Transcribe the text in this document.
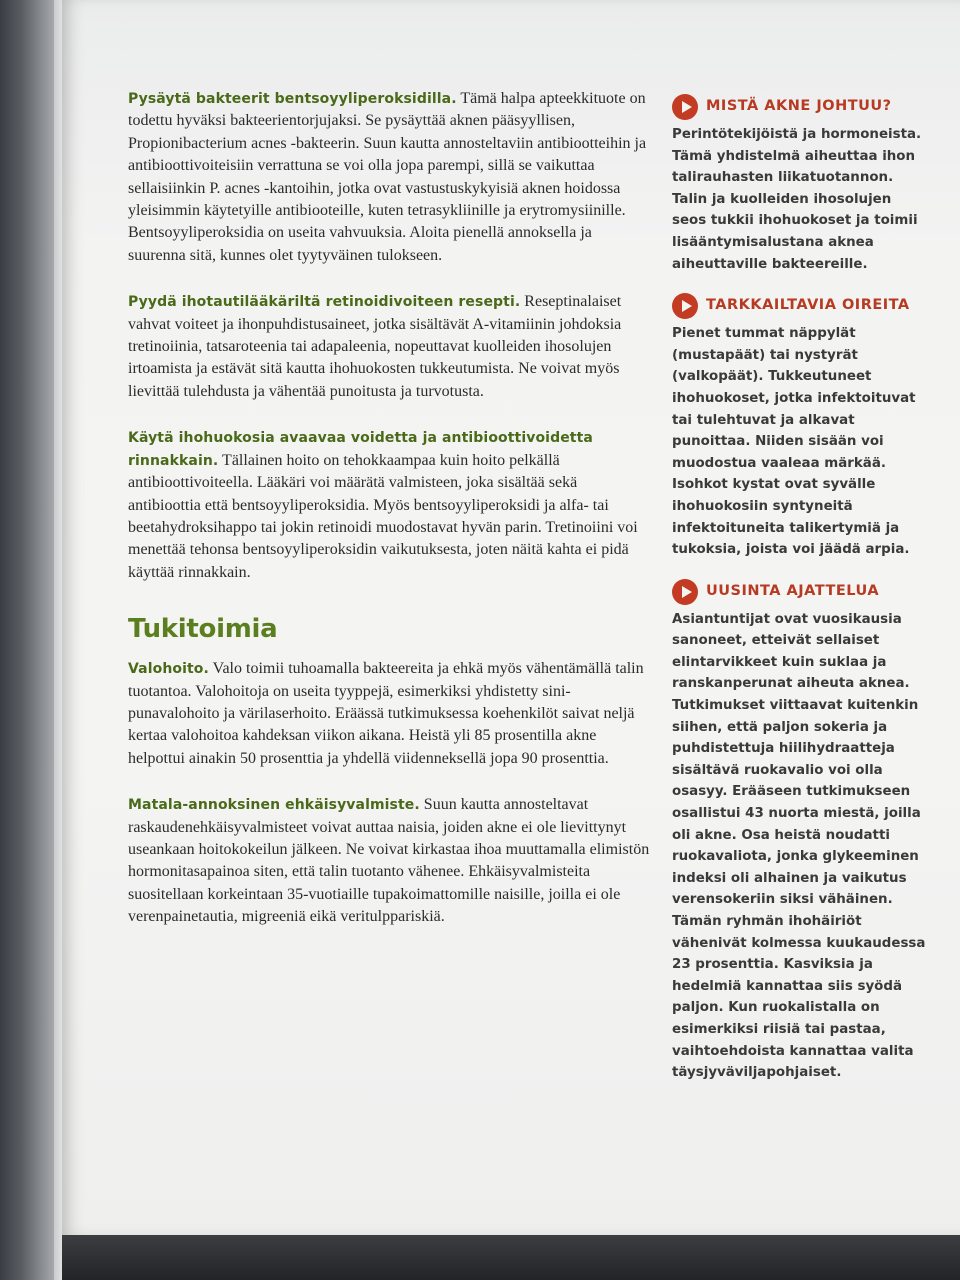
Pysäytä bakteerit bentsoyyliperoksidilla. Tämä halpa apteekkituote on todettu hyväksi bakteerientorjujaksi. Se pysäyttää aknen pääsyyllisen, Propionibacterium acnes -bakteerin. Suun kautta annosteltaviin antibiootteihin ja antibioottivoiteisiin verrattuna se voi olla jopa parempi, sillä se vaikuttaa sellaisiinkin P. acnes -kantoihin, jotka ovat vastustuskykyisiä aknen hoidossa yleisimmin käytetyille antibiooteille, kuten tetrasykliinille ja erytromysiinille. Bentsoyyliperoksidia on useita vahvuuksia. Aloita pienellä annoksella ja suurenna sitä, kunnes olet tyytyväinen tulokseen.

Pyydä ihotautilääkäriltä retinoidivoiteen resepti. Reseptinalaiset vahvat voiteet ja ihonpuhdistusaineet, jotka sisältävät A-vitamiinin johdoksia tretinoiinia, tatsaroteenia tai adapaleenia, nopeuttavat kuolleiden ihosolujen irtoamista ja estävät sitä kautta ihohuokosten tukkeutumista. Ne voivat myös lievittää tulehdusta ja vähentää punoitusta ja turvotusta.

Käytä ihohuokosia avaavaa voidetta ja antibioottivoidetta rinnakkain. Tällainen hoito on tehokkaampaa kuin hoito pelkällä antibioottivoiteella. Lääkäri voi määrätä valmisteen, joka sisältää sekä antibioottia että bentsoyyliperoksidia. Myös bentsoyyliperoksidi ja alfa- tai beetahydroksihappo tai jokin retinoidi muodostavat hyvän parin. Tretinoiini voi menettää tehonsa bentsoyyliperoksidin vaikutuksesta, joten näitä kahta ei pidä käyttää rinnakkain.

Tukitoimia

Valohoito. Valo toimii tuhoamalla bakteereita ja ehkä myös vähentämällä talin tuotantoa. Valohoitoja on useita tyyppejä, esimerkiksi yhdistetty sini-punavalohoito ja värilaserhoito. Eräässä tutkimuksessa koehenkilöt saivat neljä kertaa valohoitoa kahdeksan viikon aikana. Heistä yli 85 prosentilla akne helpottui ainakin 50 prosenttia ja yhdellä viidenneksellä jopa 90 prosenttia.

Matala-annoksinen ehkäisyvalmiste. Suun kautta annosteltavat raskaudenehkäisyvalmisteet voivat auttaa naisia, joiden akne ei ole lievittynyt useankaan hoitokokeilun jälkeen. Ne voivat kirkastaa ihoa muuttamalla elimistön hormonitasapainoa siten, että talin tuotanto vähenee. Ehkäisyvalmisteita suositellaan korkeintaan 35-vuotiaille tupakoimattomille naisille, joilla ei ole verenpainetautia, migreeniä eikä veritulppariskiä.

MISTÄ AKNE JOHTUU?

Perintötekijöistä ja hormoneista. Tämä yhdistelmä aiheuttaa ihon talirauhasten liikatuotannon. Talin ja kuolleiden ihosolujen seos tukkii ihohuokoset ja toimii lisääntymisalustana aknea aiheuttaville bakteereille.

TARKKAILTAVIA OIREITA

Pienet tummat näppylät (mustapäät) tai nystyrät (valkopäät). Tukkeutuneet ihohuokoset, jotka infektoituvat tai tulehtuvat ja alkavat punoittaa. Niiden sisään voi muodostua vaaleaa märkää. Isohkot kystat ovat syvälle ihohuokosiin syntyneitä infektoituneita talikertymiä ja tukoksia, joista voi jäädä arpia.

UUSINTA AJATTELUA

Asiantuntijat ovat vuosikausia sanoneet, etteivät sellaiset elintarvikkeet kuin suklaa ja ranskanperunat aiheuta aknea. Tutkimukset viittaavat kuitenkin siihen, että paljon sokeria ja puhdistettuja hiilihydraatteja sisältävä ruokavalio voi olla osasyy. Erääseen tutkimukseen osallistui 43 nuorta miestä, joilla oli akne. Osa heistä noudatti ruokavaliota, jonka glykeeminen indeksi oli alhainen ja vaikutus verensokeriin siksi vähäinen. Tämän ryhmän ihohäiriöt vähenivät kolmessa kuukaudessa 23 prosenttia. Kasviksia ja hedelmiä kannattaa siis syödä paljon. Kun ruokalistalla on esimerkiksi riisiä tai pastaa, vaihtoehdoista kannattaa valita täysjyväviljapohjaiset.
